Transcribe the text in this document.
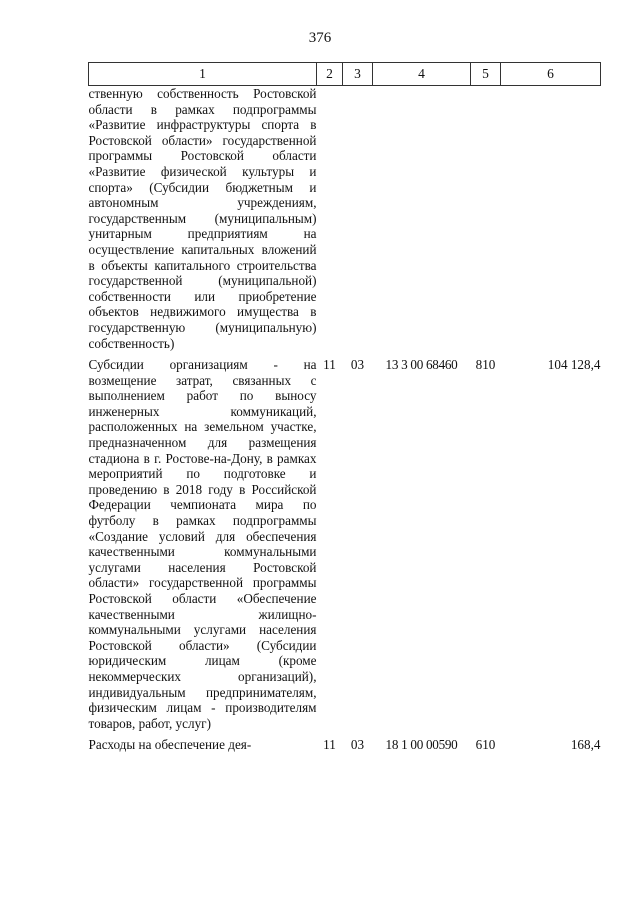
376
1	2	3	4	5	6
ственную собственность Ростовской области в рамках подпрограммы «Развитие инфраструктуры спорта в Ростовской области» государственной программы Ростовской области «Развитие физической культуры и спорта» (Субсидии бюджетным и автономным учреждениям, государственным (муниципальным) унитарным предприятиям на осуществление капитальных вложений в объекты капитального строительства государственной (муниципальной) собственности или приобретение объектов недвижимого имущества в государственную (муниципальную) собственность)					
Субсидии организациям - на возмещение затрат, связанных с выполнением работ по выносу инженерных коммуникаций, расположенных на земельном участке, предназначенном для размещения стадиона в г. Ростове-на-Дону, в рамках мероприятий по подготовке и проведению в 2018 году в Российской Федерации чемпионата мира по футболу в рамках подпрограммы «Создание условий для обеспечения качественными коммунальными услугами населения Ростовской области» государственной программы Ростовской области «Обеспечение качественными жилищно-коммунальными услугами населения Ростовской области» (Субсидии юридическим лицам (кроме некоммерческих организаций), индивидуальным предпринимателям, физическим лицам - производителям товаров, работ, услуг)	11	03	13 3 00 68460	810	104 128,4
Расходы на обеспечение дея-	11	03	18 1 00 00590	610	168,4
